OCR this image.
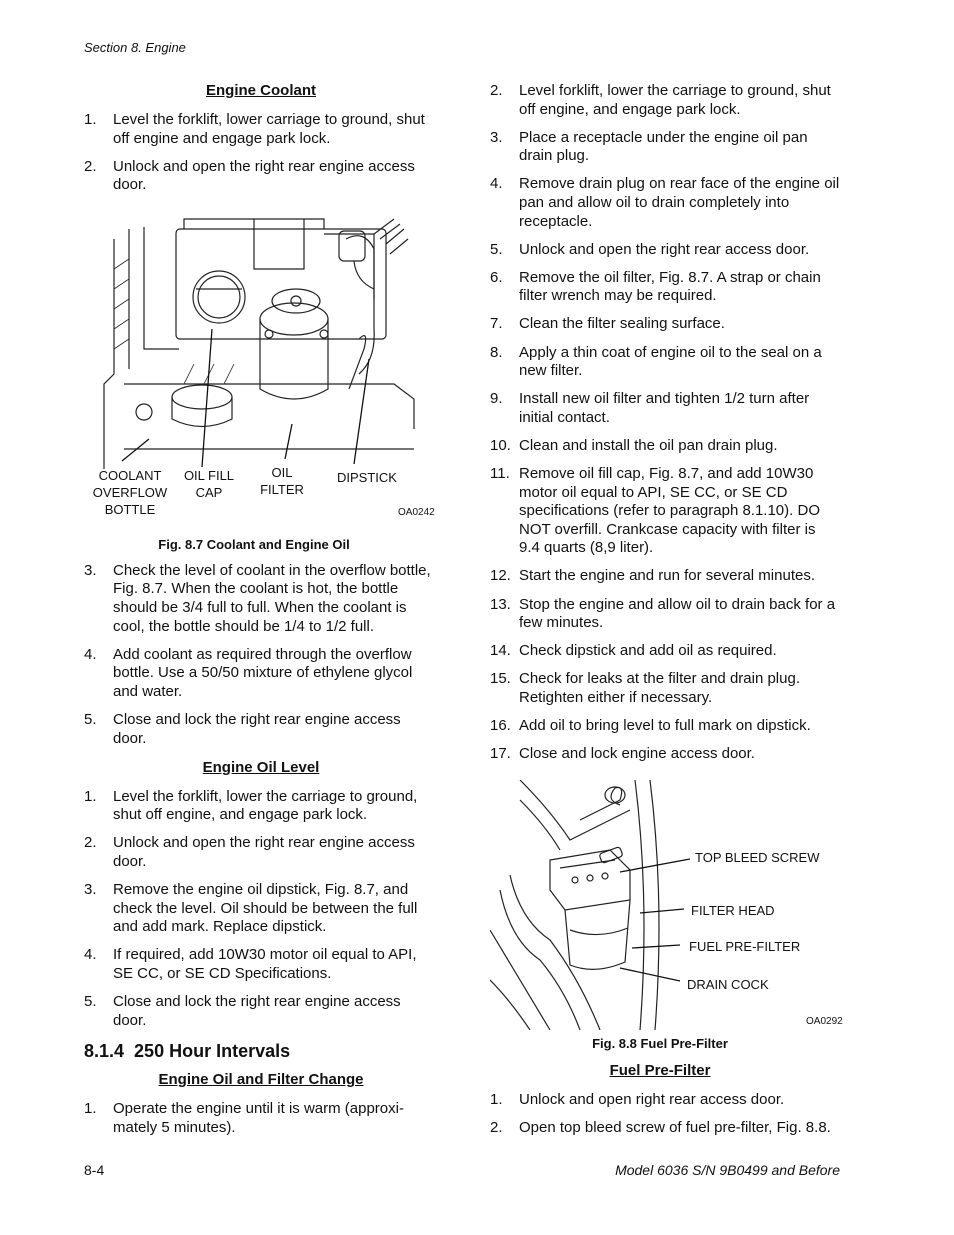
Section 8. Engine
Engine Coolant
1. Level the forklift, lower carriage to ground, shut off engine and engage park lock.
2. Unlock and open the right rear engine access door.
COOLANT
OVERFLOW
BOTTLE
OIL FILL
CAP
OIL
FILTER
DIPSTICK
OA0242
Fig. 8.7 Coolant and Engine Oil
3. Check the level of coolant in the overflow bottle, Fig. 8.7. When the coolant is hot, the bottle should be 3/4 full to full. When the coolant is cool, the bottle should be 1/4 to 1/2 full.
4. Add coolant as required through the overflow bottle. Use a 50/50 mixture of ethylene glycol and water.
5. Close and lock the right rear engine access door.
Engine Oil Level
1. Level the forklift, lower the carriage to ground, shut off engine, and engage park lock.
2. Unlock and open the right rear engine access door.
3. Remove the engine oil dipstick, Fig. 8.7, and check the level. Oil should be between the full and add mark. Replace dipstick.
4. If required, add 10W30 motor oil equal to API, SE CC, or SE CD Specifications.
5. Close and lock the right rear engine access door.
8.1.4 250 Hour Intervals
Engine Oil and Filter Change
1. Operate the engine until it is warm (approxi-mately 5 minutes).
2. Level forklift, lower the carriage to ground, shut off engine, and engage park lock.
3. Place a receptacle under the engine oil pan drain plug.
4. Remove drain plug on rear face of the engine oil pan and allow oil to drain completely into receptacle.
5. Unlock and open the right rear access door.
6. Remove the oil filter, Fig. 8.7. A strap or chain filter wrench may be required.
7. Clean the filter sealing surface.
8. Apply a thin coat of engine oil to the seal on a new filter.
9. Install new oil filter and tighten 1/2 turn after initial contact.
10. Clean and install the oil pan drain plug.
11. Remove oil fill cap, Fig. 8.7, and add 10W30 motor oil equal to API, SE CC, or SE CD specifications (refer to paragraph 8.1.10). DO NOT overfill. Crankcase capacity with filter is 9.4 quarts (8,9 liter).
12. Start the engine and run for several minutes.
13. Stop the engine and allow oil to drain back for a few minutes.
14. Check dipstick and add oil as required.
15. Check for leaks at the filter and drain plug. Retighten either if necessary.
16. Add oil to bring level to full mark on dipstick.
17. Close and lock engine access door.
TOP BLEED SCREW
FILTER HEAD
FUEL PRE-FILTER
DRAIN COCK
OA0292
Fig. 8.8 Fuel Pre-Filter
Fuel Pre-Filter
1. Unlock and open right rear access door.
2. Open top bleed screw of fuel pre-filter, Fig. 8.8.
8-4	Model 6036 S/N 9B0499 and Before
